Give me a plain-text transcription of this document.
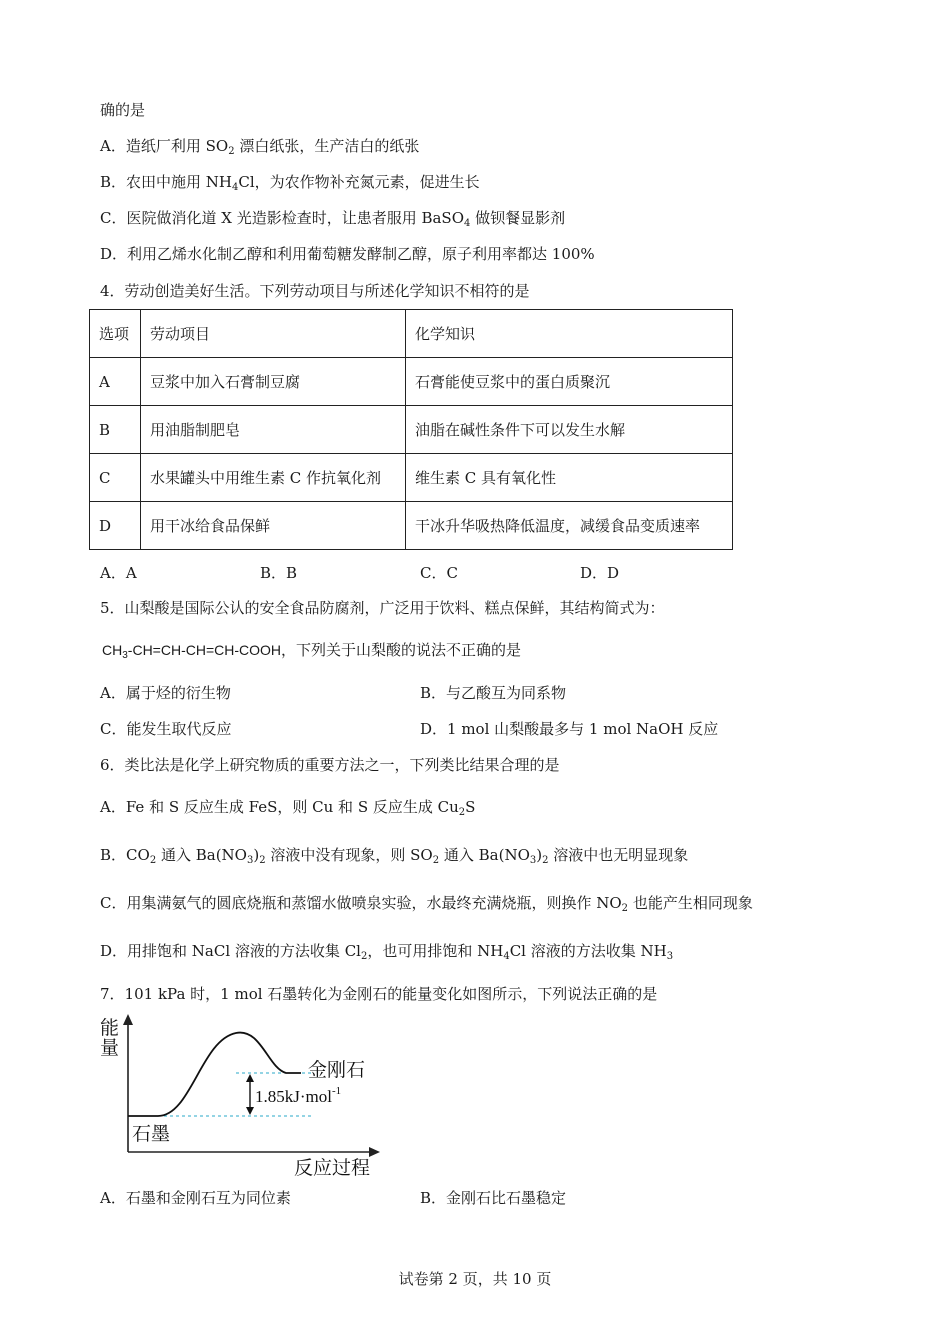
确的是
A．造纸厂利用 $SO_2$ 漂白纸张，生产洁白的纸张
B．农田中施用 $NH_4Cl$，为农作物补充氮元素，促进生长
C．医院做消化道 X 光造影检查时，让患者服用 BaSO$_4$ 做钡餐显影剂
D．利用乙烯水化制乙醇和利用葡萄糖发酵制乙醇，原子利用率都达 100%
4．劳动创造美好生活。下列劳动项目与所述化学知识不相符的是
选项	劳动项目	化学知识
A	豆浆中加入石膏制豆腐	石膏能使豆浆中的蛋白质聚沉
B	用油脂制肥皂	油脂在碱性条件下可以发生水解
C	水果罐头中用维生素 C 作抗氧化剂	维生素 C 具有氧化性
D	用干冰给食品保鲜	干冰升华吸热降低温度，减缓食品变质速率
A．A	B．B	C．C	D．D
5．山梨酸是国际公认的安全食品防腐剂，广泛用于饮料、糕点保鲜，其结构简式为：
$CH_3-CH=CH-CH=CH$-COOH，下列关于山梨酸的说法不正确的是
A．属于烃的衍生物	B．与乙酸互为同系物
C．能发生取代反应	D．1 mol 山梨酸最多与 1 mol NaOH 反应
6．类比法是化学上研究物质的重要方法之一，下列类比结果合理的是
A．Fe 和 S 反应生成 FeS，则 Cu 和 S 反应生成 $Cu_2S$
B．$CO_2$ 通入 $Ba(NO_3)_2$ 溶液中没有现象，则 $SO_2$ 通入 $Ba(NO_3)_2$ 溶液中也无明显现象
C．用集满氨气的圆底烧瓶和蒸馏水做喷泉实验，水最终充满烧瓶，则换作 $NO_2$ 也能产生相同现象
D．用排饱和 NaCl 溶液的方法收集 $Cl_2$，也可用排饱和 $NH_4Cl$ 溶液的方法收集 $NH_3$
7．101 kPa 时，1 mol 石墨转化为金刚石的能量变化如图所示，下列说法正确的是
能
量
金刚石
石墨
1.85kJ·mol$^{-1}$
反应过程
A．石墨和金刚石互为同位素	B．金刚石比石墨稳定
试卷第 2 页，共 10 页
